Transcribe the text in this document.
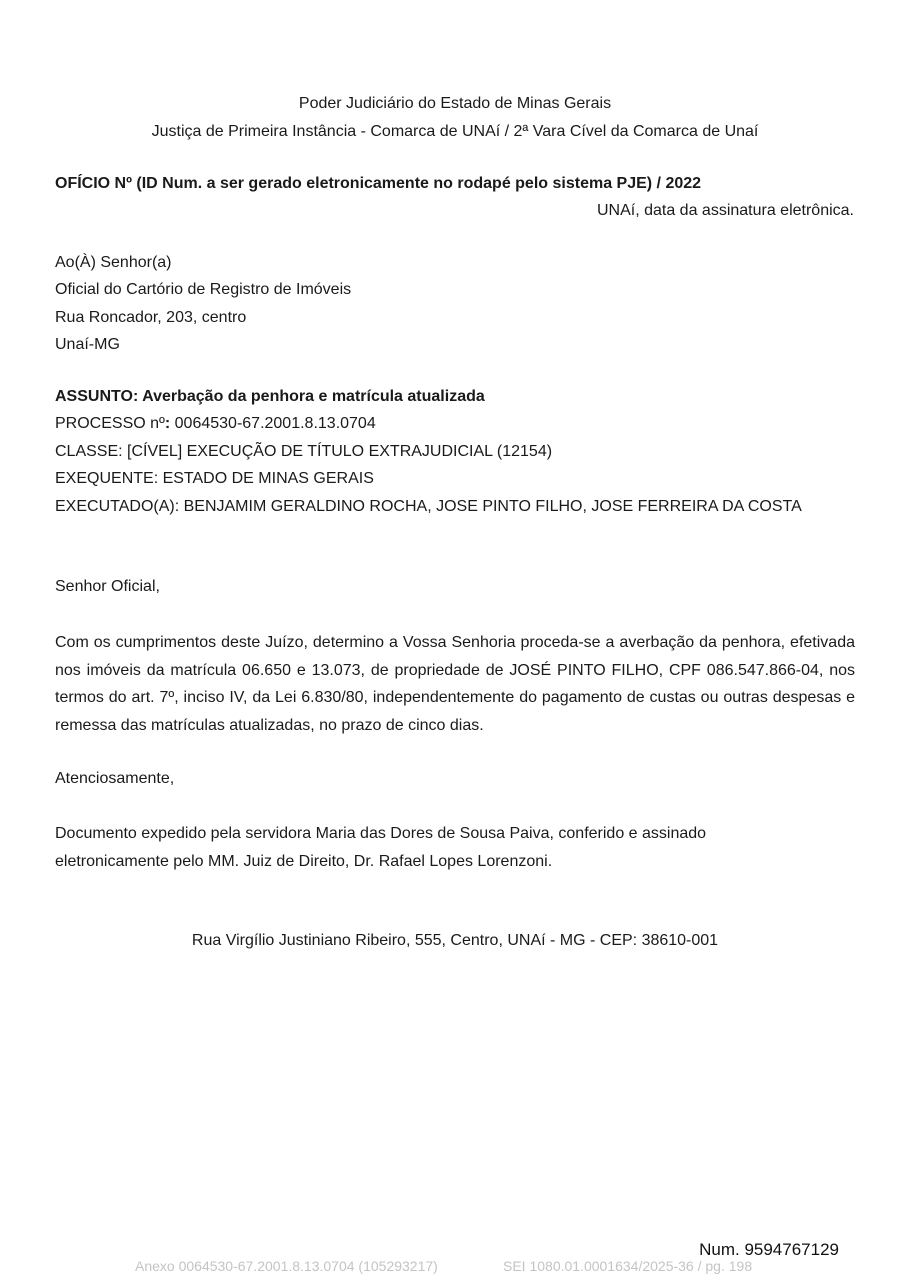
Poder Judiciário do Estado de Minas Gerais
Justiça de Primeira Instância - Comarca de UNAí / 2ª Vara Cível da Comarca de Unaí
OFÍCIO Nº (ID Num. a ser gerado eletronicamente no rodapé pelo sistema PJE) / 2022
UNAí, data da assinatura eletrônica.
Ao(À) Senhor(a)
Oficial do Cartório de Registro de Imóveis
Rua Roncador, 203, centro
Unaí-MG
ASSUNTO: Averbação da penhora e matrícula atualizada
PROCESSO nº: 0064530-67.2001.8.13.0704
CLASSE: [CÍVEL] EXECUÇÃO DE TÍTULO EXTRAJUDICIAL (12154)
EXEQUENTE: ESTADO DE MINAS GERAIS
EXECUTADO(A): BENJAMIM GERALDINO ROCHA, JOSE PINTO FILHO, JOSE FERREIRA DA COSTA
Senhor Oficial,
Com os cumprimentos deste Juízo, determino a Vossa Senhoria proceda-se a averbação da penhora, efetivada nos imóveis da matrícula 06.650 e 13.073, de propriedade de JOSÉ PINTO FILHO, CPF 086.547.866-04, nos termos do art. 7º, inciso IV, da Lei 6.830/80, independentemente do pagamento de custas ou outras despesas e remessa das matrículas atualizadas, no prazo de cinco dias.
Atenciosamente,
Documento expedido pela servidora Maria das Dores de Sousa Paiva, conferido e assinado
eletronicamente pelo MM. Juiz de Direito, Dr. Rafael Lopes Lorenzoni.
Rua Virgílio Justiniano Ribeiro, 555, Centro, UNAí - MG - CEP: 38610-001
Num. 9594767129
Anexo 0064530-67.2001.8.13.0704 (105293217)	SEI 1080.01.0001634/2025-36 / pg. 198
